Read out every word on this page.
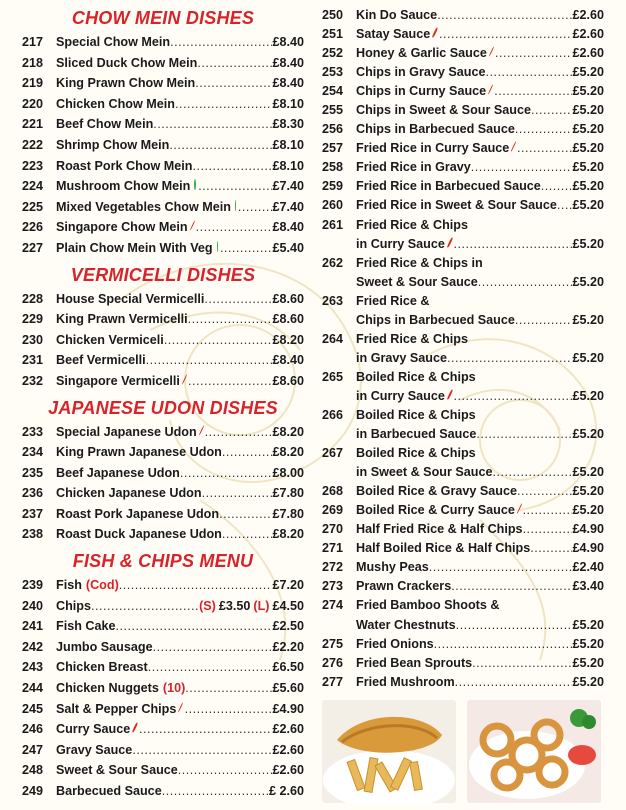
CHOW MEIN DISHES
217	Special Chow Mein .....	£8.40
218	Sliced Duck Chow Mein .....	£8.40
219	King Prawn Chow Mein .....	£8.40
220	Chicken Chow Mein .....	£8.10
221	Beef Chow Mein .....	£8.30
222	Shrimp Chow Mein .....	£8.10
223	Roast Pork Chow Mein .....	£8.10
224	Mushroom Chow Mein .....	£7.40
225	Mixed Vegetables Chow Mein .....	£7.40
226	Singapore Chow Mein .....	£8.40
227	Plain Chow Mein With Veg .....	£5.40
VERMICELLI DISHES
228	House Special Vermicelli .....	£8.60
229	King Prawn Vermicelli .....	£8.60
230	Chicken Vermiceli .....	£8.20
231	Beef Vermicelli .....	£8.40
232	Singapore Vermicelli .....	£8.60
JAPANESE UDON DISHES
233	Special Japanese Udon .....	£8.20
234	King Prawn Japanese Udon .....	£8.20
235	Beef Japanese Udon .....	£8.00
236	Chicken Japanese Udon .....	£7.80
237	Roast Pork Japanese Udon .....	£7.80
238	Roast Duck Japanese Udon .....	£8.20
FISH & CHIPS MENU
239	Fish (Cod) .....	£7.20
240	Chips .....	(S) £3.50 (L) £4.50
241	Fish Cake .....	£2.50
242	Jumbo Sausage .....	£2.20
243	Chicken Breast .....	£6.50
244	Chicken Nuggets (10) .....	£5.60
245	Salt & Pepper Chips .....	£4.90
246	Curry Sauce .....	£2.60
247	Gravy Sauce .....	£2.60
248	Sweet & Sour Sauce .....	£2.60
249	Barbecued Sauce .....	£ 2.60
250	Kin Do Sauce .....	£2.60
251	Satay Sauce .....	£2.60
252	Honey & Garlic Sauce .....	£2.60
253	Chips in Gravy Sauce .....	£5.20
254	Chips in Curny Sauce .....	£5.20
255	Chips in Sweet & Sour Sauce .....	£5.20
256	Chips in Barbecued Sauce .....	£5.20
257	Fried Rice in Curry Sauce .....	£5.20
258	Fried Rice in Gravy .....	£5.20
259	Fried Rice in Barbecued Sauce .....	£5.20
260	Fried Rice in Sweet & Sour Sauce ..... £5.20
261	Fried Rice & Chips
in Curry Sauce .....	£5.20
262	Fried Rice & Chips in
Sweet & Sour Sauce .....	£5.20
263	Fried Rice &
Chips in Barbecued Sauce .....	£5.20
264	Fried Rice & Chips
in Gravy Sauce .....	£5.20
265	Boiled Rice & Chips
in Curry Sauce .....	£5.20
266	Boiled Rice & Chips
in Barbecued Sauce .....	£5.20
267	Boiled Rice & Chips
in Sweet & Sour Sauce .....	£5.20
268	Boiled Rice & Gravy Sauce .....	£5.20
269	Boiled Rice & Curry Sauce .....	£5.20
270	Half Fried Rice & Half Chips .....	£4.90
271	Half Boiled Rice & Half Chips .....	£4.90
272	Mushy Peas .....	£2.40
273	Prawn Crackers .....	£3.40
274	Fried Bamboo Shoots &
Water Chestnuts .....	£5.20
275	Fried Onions .....	£5.20
276	Fried Bean Sprouts .....	£5.20
277	Fried Mushroom .....	£5.20
